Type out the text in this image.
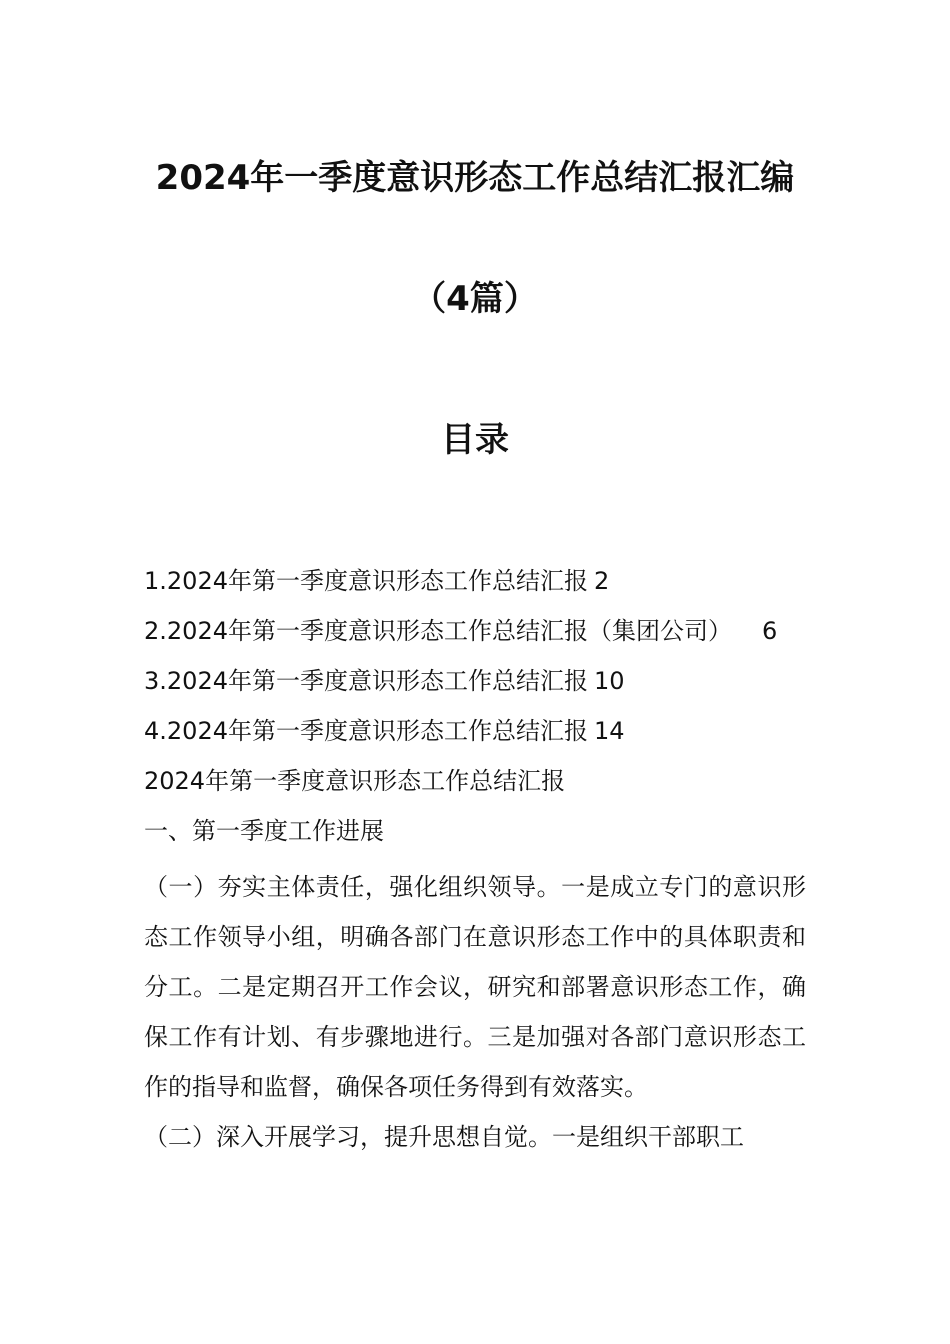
2024年一季度意识形态工作总结汇报汇编
（4篇）
目录
1.2024年第一季度意识形态工作总结汇报 2
2.2024年第一季度意识形态工作总结汇报（集团公司） 6
3.2024年第一季度意识形态工作总结汇报 10
4.2024年第一季度意识形态工作总结汇报 14
2024年第一季度意识形态工作总结汇报
一、第一季度工作进展

（一）夯实主体责任，强化组织领导。一是成立专门的意识形态工作领导小组，明确各部门在意识形态工作中的具体职责和分工。二是定期召开工作会议，研究和部署意识形态工作，确保工作有计划、有步骤地进行。三是加强对各部门意识形态工作的指导和监督，确保各项任务得到有效落实。

（二）深入开展学习，提升思想自觉。一是组织干部职工
